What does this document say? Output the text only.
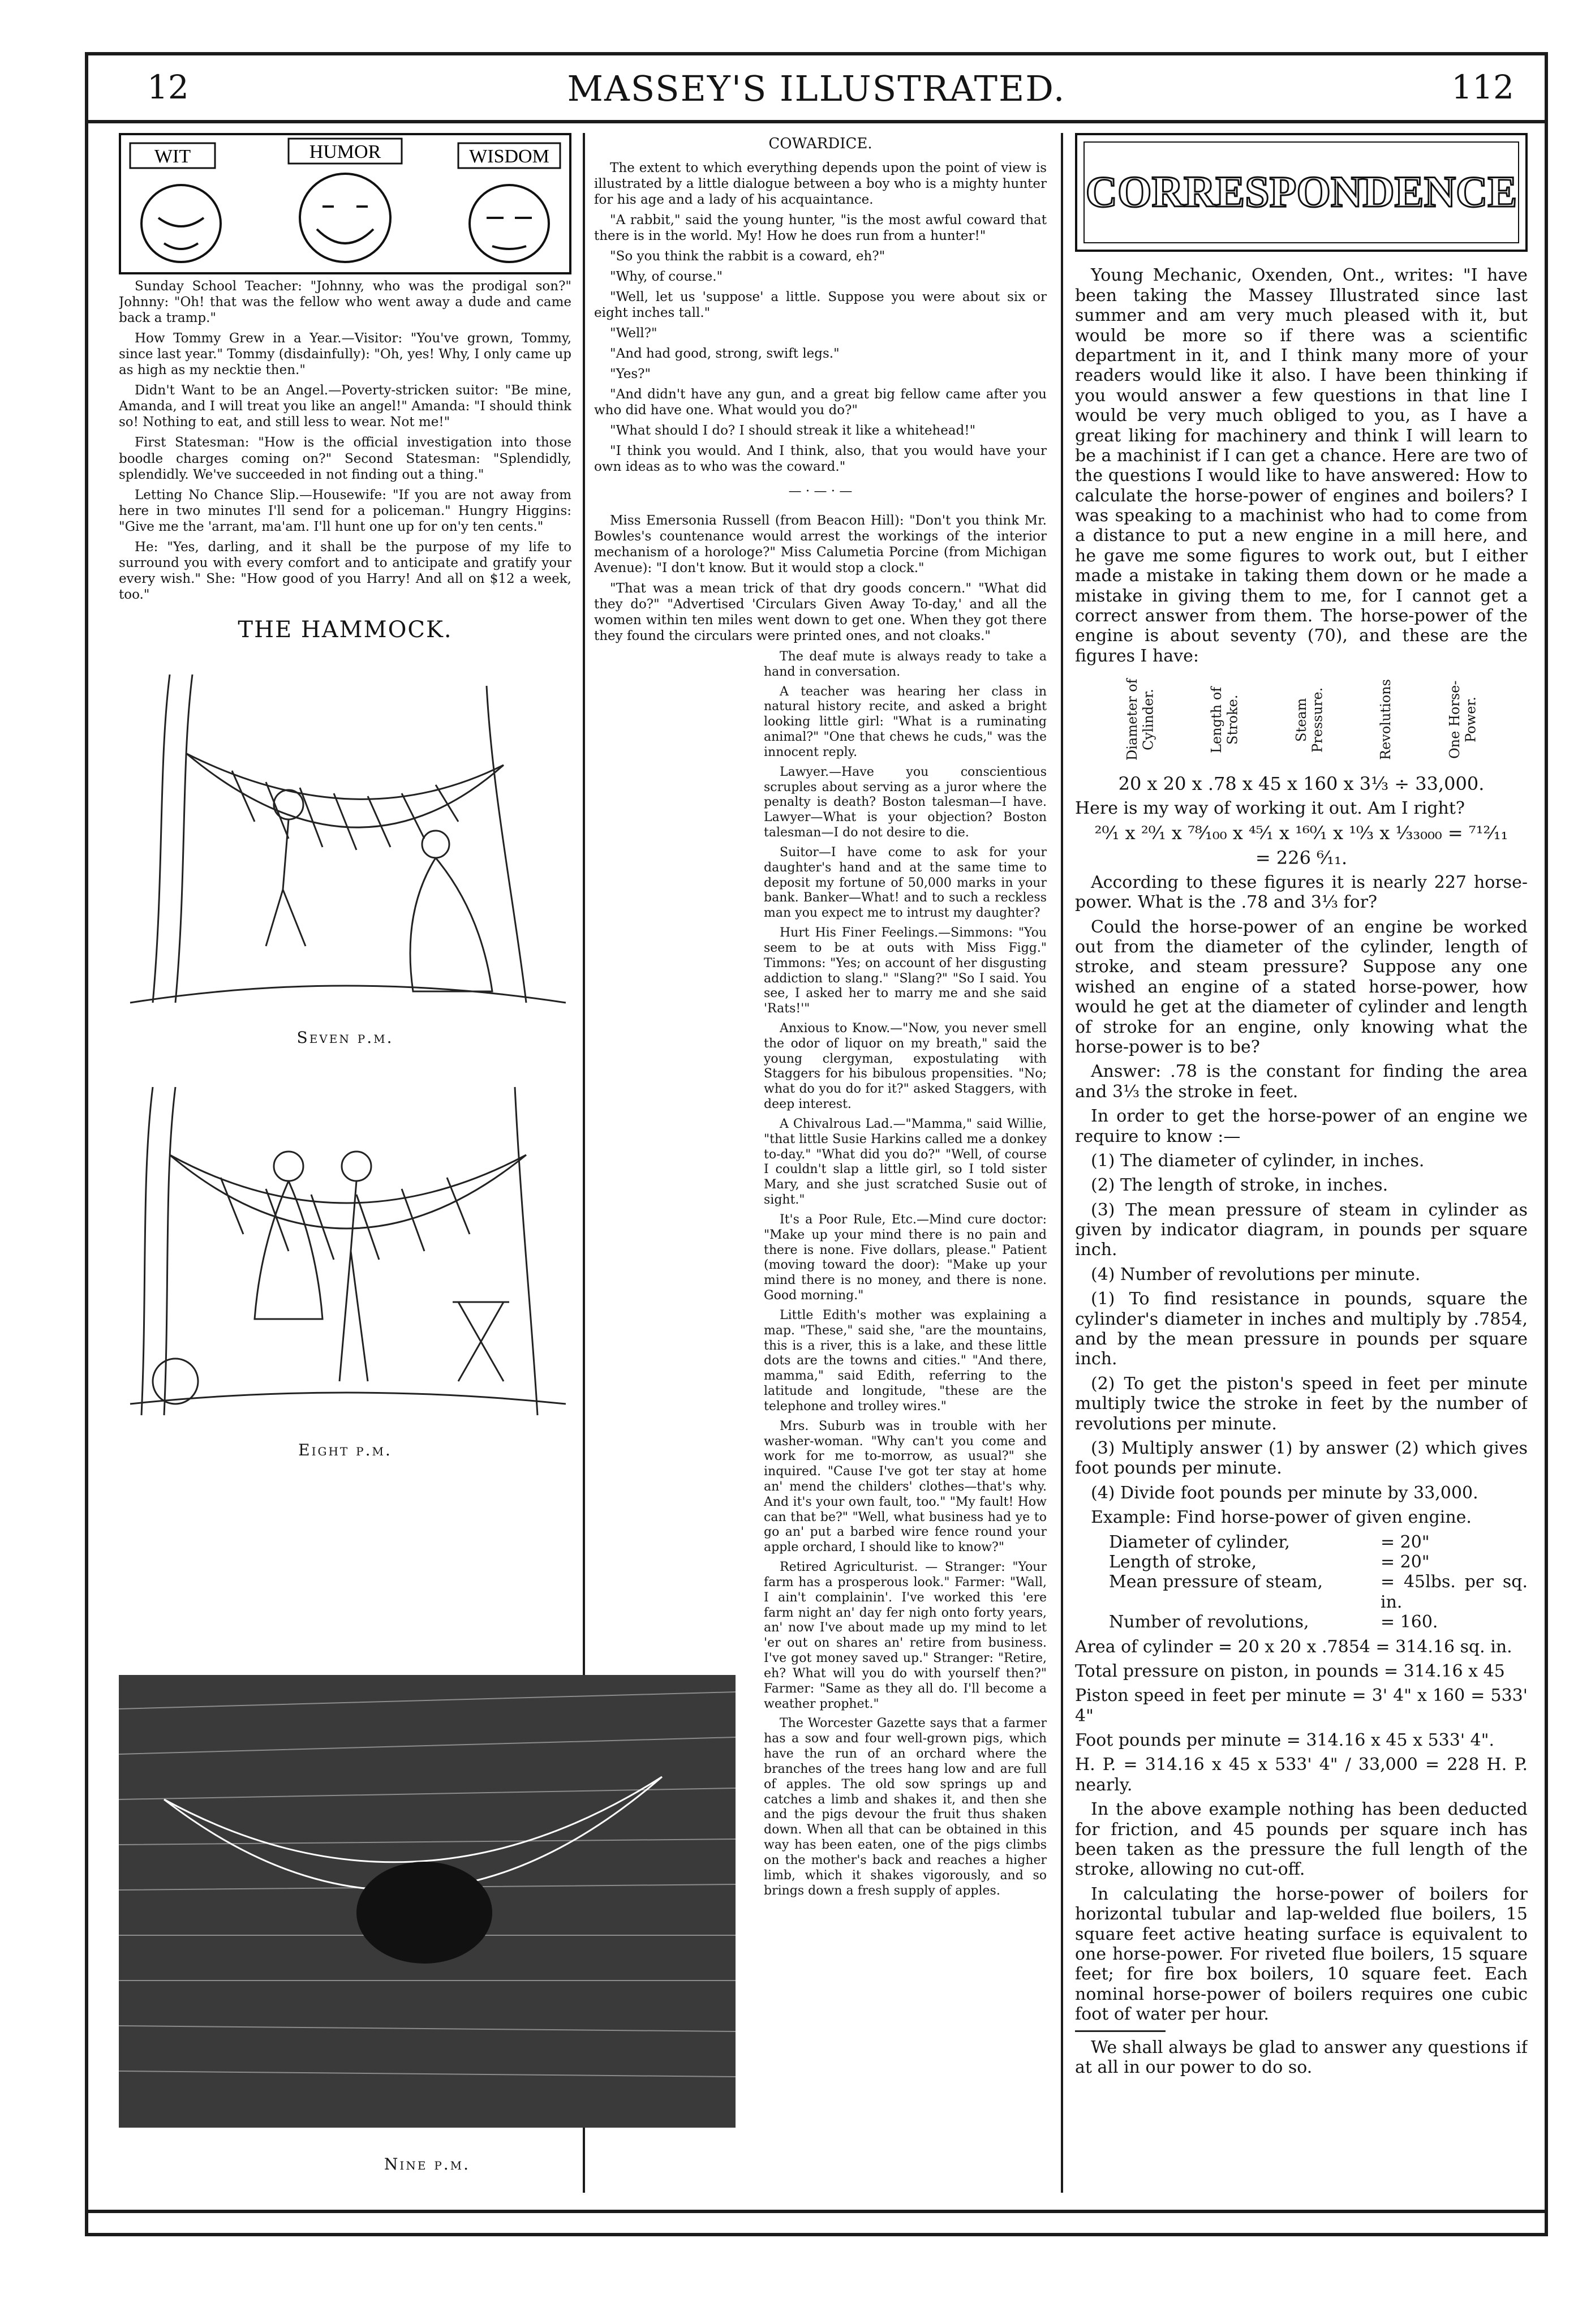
12	MASSEY'S ILLUSTRATED.	112
WIT	HUMOR	WISDOM

Sunday School Teacher: "Johnny, who was the prodigal son?" Johnny: "Oh! that was the fellow who went away a dude and came back a tramp."

How Tommy Grew in a Year.—Visitor: "You've grown, Tommy, since last year." Tommy (disdainfully): "Oh, yes! Why, I only came up as high as my necktie then."

Didn't Want to be an Angel.—Poverty-stricken suitor: "Be mine, Amanda, and I will treat you like an angel!" Amanda: "I should think so! Nothing to eat, and still less to wear. Not me!"

First Statesman: "How is the official investigation into those boodle charges coming on?" Second Statesman: "Splendidly, splendidly. We've succeeded in not finding out a thing."

Letting No Chance Slip.—Housewife: "If you are not away from here in two minutes I'll send for a policeman." Hungry Higgins: "Give me the 'arrant, ma'am. I'll hunt one up for on'y ten cents."

He: "Yes, darling, and it shall be the purpose of my life to surround you with every comfort and to anticipate and gratify your every wish." She: "How good of you Harry! And all on $12 a week, too."

THE HAMMOCK.
Seven p.m.
Eight p.m.
COWARDICE.

The extent to which everything depends upon the point of view is illustrated by a little dialogue between a boy who is a mighty hunter for his age and a lady of his acquaintance.

"A rabbit," said the young hunter, "is the most awful coward that there is in the world. My! How he does run from a hunter!"

"So you think the rabbit is a coward, eh?"

"Why, of course."

"Well, let us 'suppose' a little. Suppose you were about six or eight inches tall."

"Well?"

"And had good, strong, swift legs."

"Yes?"

"And didn't have any gun, and a great big fellow came after you who did have one. What would you do?"

"What should I do? I should streak it like a whitehead!"

"I think you would. And I think, also, that you would have your own ideas as to who was the coward."

— · — · —

Miss Emersonia Russell (from Beacon Hill): "Don't you think Mr. Bowles's countenance would arrest the workings of the interior mechanism of a horologe?" Miss Calumetia Porcine (from Michigan Avenue): "I don't know. But it would stop a clock."

"That was a mean trick of that dry goods concern." "What did they do?" "Advertised 'Circulars Given Away To-day,' and all the women within ten miles went down to get one. When they got there they found the circulars were printed ones, and not cloaks."

The deaf mute is always ready to take a hand in conversation.

A teacher was hearing her class in natural history recite, and asked a bright looking little girl: "What is a ruminating animal?" "One that chews he cuds," was the innocent reply.

Lawyer.—Have you conscientious scruples about serving as a juror where the penalty is death? Boston talesman—I have. Lawyer—What is your objection? Boston talesman—I do not desire to die.

Suitor—I have come to ask for your daughter's hand and at the same time to deposit my fortune of 50,000 marks in your bank. Banker—What! and to such a reckless man you expect me to intrust my daughter?

Hurt His Finer Feelings.—Simmons: "You seem to be at outs with Miss Figg." Timmons: "Yes; on account of her disgusting addiction to slang." "Slang?" "So I said. You see, I asked her to marry me and she said 'Rats!'"

Anxious to Know.—"Now, you never smell the odor of liquor on my breath," said the young clergyman, expostulating with Staggers for his bibulous propensities. "No; what do you do for it?" asked Staggers, with deep interest.

A Chivalrous Lad.—"Mamma," said Willie, "that little Susie Harkins called me a donkey to-day." "What did you do?" "Well, of course I couldn't slap a little girl, so I told sister Mary, and she just scratched Susie out of sight."

It's a Poor Rule, Etc.—Mind cure doctor: "Make up your mind there is no pain and there is none. Five dollars, please." Patient (moving toward the door): "Make up your mind there is no money, and there is none. Good morning."

Little Edith's mother was explaining a map. "These," said she, "are the mountains, this is a river, this is a lake, and these little dots are the towns and cities." "And there, mamma," said Edith, referring to the latitude and longitude, "these are the telephone and trolley wires."

Mrs. Suburb was in trouble with her washer-woman. "Why can't you come and work for me to-morrow, as usual?" she inquired. "Cause I've got ter stay at home an' mend the childers' clothes—that's why. And it's your own fault, too." "My fault! How can that be?" "Well, what business had ye to go an' put a barbed wire fence round your apple orchard, I should like to know?"

Retired Agriculturist. — Stranger: "Your farm has a prosperous look." Farmer: "Wall, I ain't complainin'. I've worked this 'ere farm night an' day fer nigh onto forty years, an' now I've about made up my mind to let 'er out on shares an' retire from business. I've got money saved up." Stranger: "Retire, eh? What will you do with yourself then?" Farmer: "Same as they all do. I'll become a weather prophet."

The Worcester Gazette says that a farmer has a sow and four well-grown pigs, which have the run of an orchard where the branches of the trees hang low and are full of apples. The old sow springs up and catches a limb and shakes it, and then she and the pigs devour the fruit thus shaken down. When all that can be obtained in this way has been eaten, one of the pigs climbs on the mother's back and reaches a higher limb, which it shakes vigorously, and so brings down a fresh supply of apples.

Nine p.m.
CORRESPONDENCE

Young Mechanic, Oxenden, Ont., writes: "I have been taking the Massey Illustrated since last summer and am very much pleased with it, but would be more so if there was a scientific department in it, and I think many more of your readers would like it also. I have been thinking if you would answer a few questions in that line I would be very much obliged to you, as I have a great liking for machinery and think I will learn to be a machinist if I can get a chance. Here are two of the questions I would like to have answered: How to calculate the horse-power of engines and boilers? I was speaking to a machinist who had to come from a distance to put a new engine in a mill here, and he gave me some figures to work out, but I either made a mistake in taking them down or he made a mistake in giving them to me, for I cannot get a correct answer from them. The horse-power of the engine is about seventy (70), and these are the figures I have:

Diameter of Cylinder.	Length of Stroke.	Steam Pressure.	Revolutions	One Horse-Power.
20 x 20 x .78 x 45 x 160 x 3⅓ ÷ 33,000.

Here is my way of working it out. Am I right?

²⁰⁄₁ x ²⁰⁄₁ x ⁷⁸⁄₁₀₀ x ⁴⁵⁄₁ x ¹⁶⁰⁄₁ x ¹⁰⁄₃ x ¹⁄₃₃₀₀₀ = ⁷¹²⁄₁₁
= 226 ⁶⁄₁₁.

According to these figures it is nearly 227 horse-power. What is the .78 and 3⅓ for?

Could the horse-power of an engine be worked out from the diameter of the cylinder, length of stroke, and steam pressure? Suppose any one wished an engine of a stated horse-power, how would he get at the diameter of cylinder and length of stroke for an engine, only knowing what the horse-power is to be?

Answer: .78 is the constant for finding the area and 3⅓ the stroke in feet.

In order to get the horse-power of an engine we require to know :—

(1) The diameter of cylinder, in inches.

(2) The length of stroke, in inches.

(3) The mean pressure of steam in cylinder as given by indicator diagram, in pounds per square inch.

(4) Number of revolutions per minute.

(1) To find resistance in pounds, square the cylinder's diameter in inches and multiply by .7854, and by the mean pressure in pounds per square inch.

(2) To get the piston's speed in feet per minute multiply twice the stroke in feet by the number of revolutions per minute.

(3) Multiply answer (1) by answer (2) which gives foot pounds per minute.

(4) Divide foot pounds per minute by 33,000.

Example: Find horse-power of given engine.

Diameter of cylinder,	= 20"
Length of stroke,	= 20"
Mean pressure of steam,	= 45lbs. per sq. in.
Number of revolutions,	= 160.

Area of cylinder = 20 x 20 x .7854 = 314.16 sq. in.

Total pressure on piston, in pounds = 314.16 x 45

Piston speed in feet per minute = 3' 4" x 160 = 533' 4"

Foot pounds per minute = 314.16 x 45 x 533' 4".

H. P. = 314.16 x 45 x 533' 4" / 33,000 = 228 H. P. nearly.

In the above example nothing has been deducted for friction, and 45 pounds per square inch has been taken as the pressure the full length of the stroke, allowing no cut-off.

In calculating the horse-power of boilers for horizontal tubular and lap-welded flue boilers, 15 square feet active heating surface is equivalent to one horse-power. For riveted flue boilers, 15 square feet; for fire box boilers, 10 square feet. Each nominal horse-power of boilers requires one cubic foot of water per hour.

We shall always be glad to answer any questions if at all in our power to do so.
